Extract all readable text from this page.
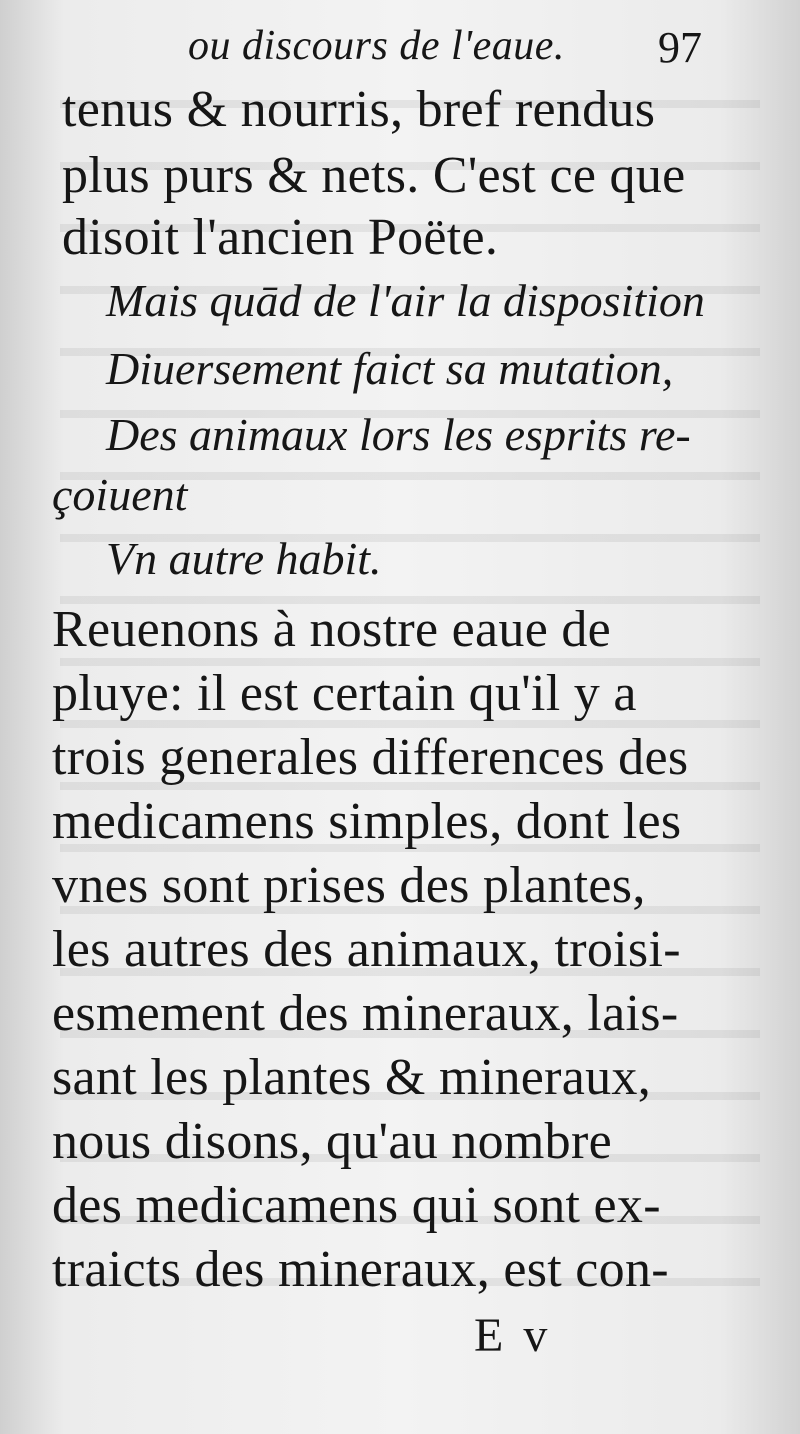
ou discours de l'eaue. 97
tenus & nourris, bref rendus
plus purs & nets. C'est ce que
disoit l'ancien Poëte.
Mais quād de l'air la disposition
Diuersement faict sa mutation,
Des animaux lors les esprits re-
çoiuent
Vn autre habit.
Reuenons à nostre eaue de
pluye: il est certain qu'il y a
trois generales differences des
medicamens simples, dont les
vnes sont prises des plantes,
les autres des animaux, troisi-
esmement des mineraux, lais-
sant les plantes & mineraux,
nous disons, qu'au nombre
des medicamens qui sont ex-
traicts des mineraux, est con-
E v
